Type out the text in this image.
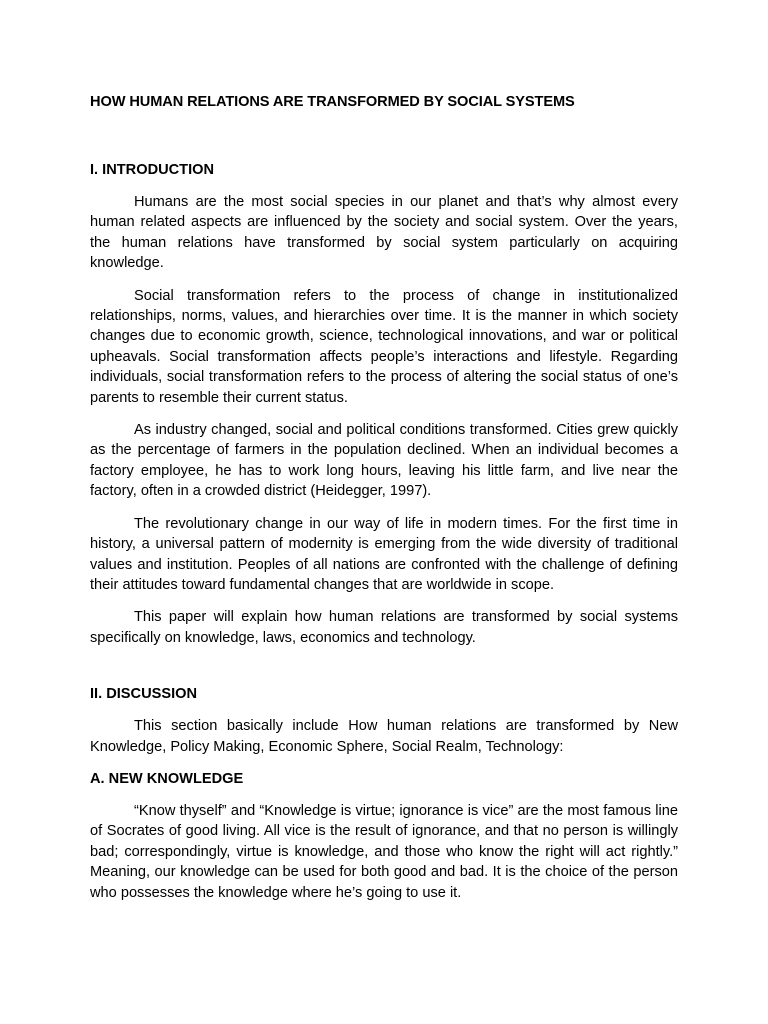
HOW HUMAN RELATIONS ARE TRANSFORMED BY SOCIAL SYSTEMS
I. INTRODUCTION

Humans are the most social species in our planet and that’s why almost every human related aspects are influenced by the society and social system. Over the years, the human relations have transformed by social system particularly on acquiring knowledge.

Social transformation refers to the process of change in institutionalized relationships, norms, values, and hierarchies over time. It is the manner in which society changes due to economic growth, science, technological innovations, and war or political upheavals. Social transformation affects people’s interactions and lifestyle. Regarding individuals, social transformation refers to the process of altering the social status of one’s parents to resemble their current status.

As industry changed, social and political conditions transformed. Cities grew quickly as the percentage of farmers in the population declined. When an individual becomes a factory employee, he has to work long hours, leaving his little farm, and live near the factory, often in a crowded district (Heidegger, 1997).

The revolutionary change in our way of life in modern times. For the first time in history, a universal pattern of modernity is emerging from the wide diversity of traditional values and institution. Peoples of all nations are confronted with the challenge of defining their attitudes toward fundamental changes that are worldwide in scope.

This paper will explain how human relations are transformed by social systems specifically on knowledge, laws, economics and technology.

II. DISCUSSION

This section basically include How human relations are transformed by New Knowledge, Policy Making, Economic Sphere, Social Realm, Technology:

A. NEW KNOWLEDGE

“Know thyself” and “Knowledge is virtue; ignorance is vice” are the most famous line of Socrates of good living. All vice is the result of ignorance, and that no person is willingly bad; correspondingly, virtue is knowledge, and those who know the right will act rightly.” Meaning, our knowledge can be used for both good and bad. It is the choice of the person who possesses the knowledge where he’s going to use it.
